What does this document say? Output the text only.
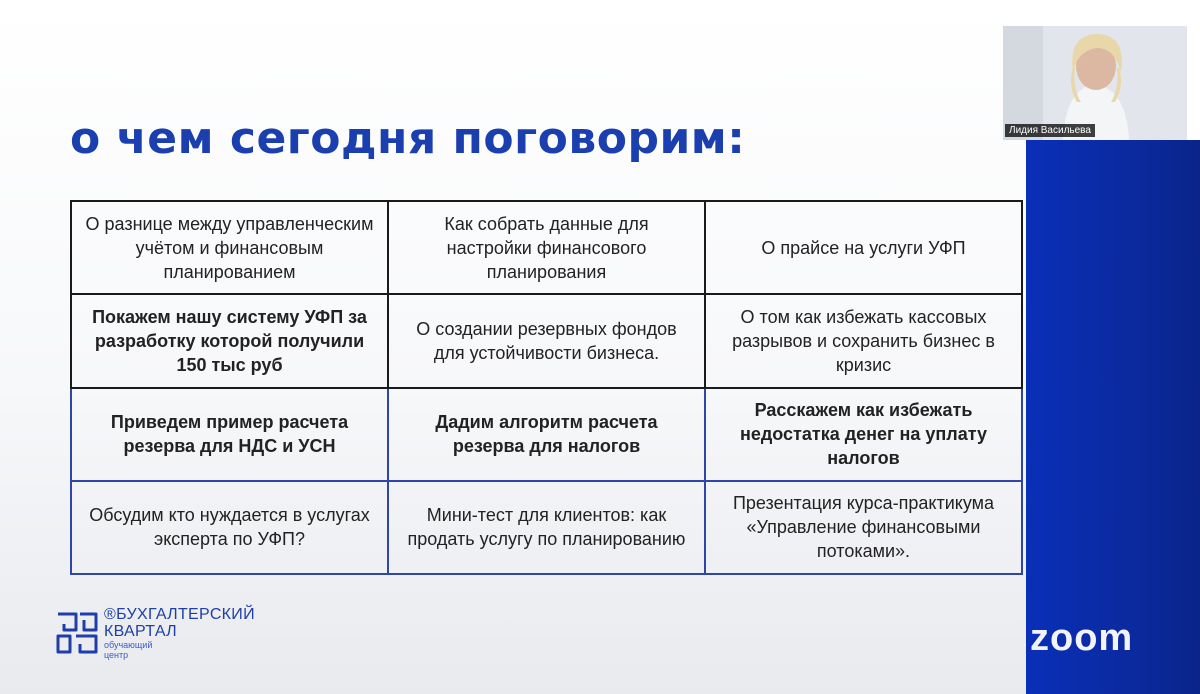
о чем сегодня поговорим:
О разнице между управленческим учётом и финансовым планированием	Как собрать данные для настройки финансового планирования	О прайсе на услуги УФП
Покажем нашу систему УФП за разработку которой получили 150 тыс руб	О создании резервных фондов для устойчивости бизнеса.	О том как избежать кассовых разрывов и сохранить бизнес в кризис
Приведем пример расчета резерва для НДС и УСН	Дадим алгоритм расчета резерва для налогов	Расскажем как избежать недостатка денег на уплату налогов
Обсудим кто нуждается в услугах эксперта по УФП?	Мини-тест для клиентов: как продать услугу по планированию	Презентация курса-практикума «Управление финансовыми потоками».
®БУХГАЛТЕРСКИЙ
КВАРТАЛ
обучающий
центр
Лидия Васильева
zoom
